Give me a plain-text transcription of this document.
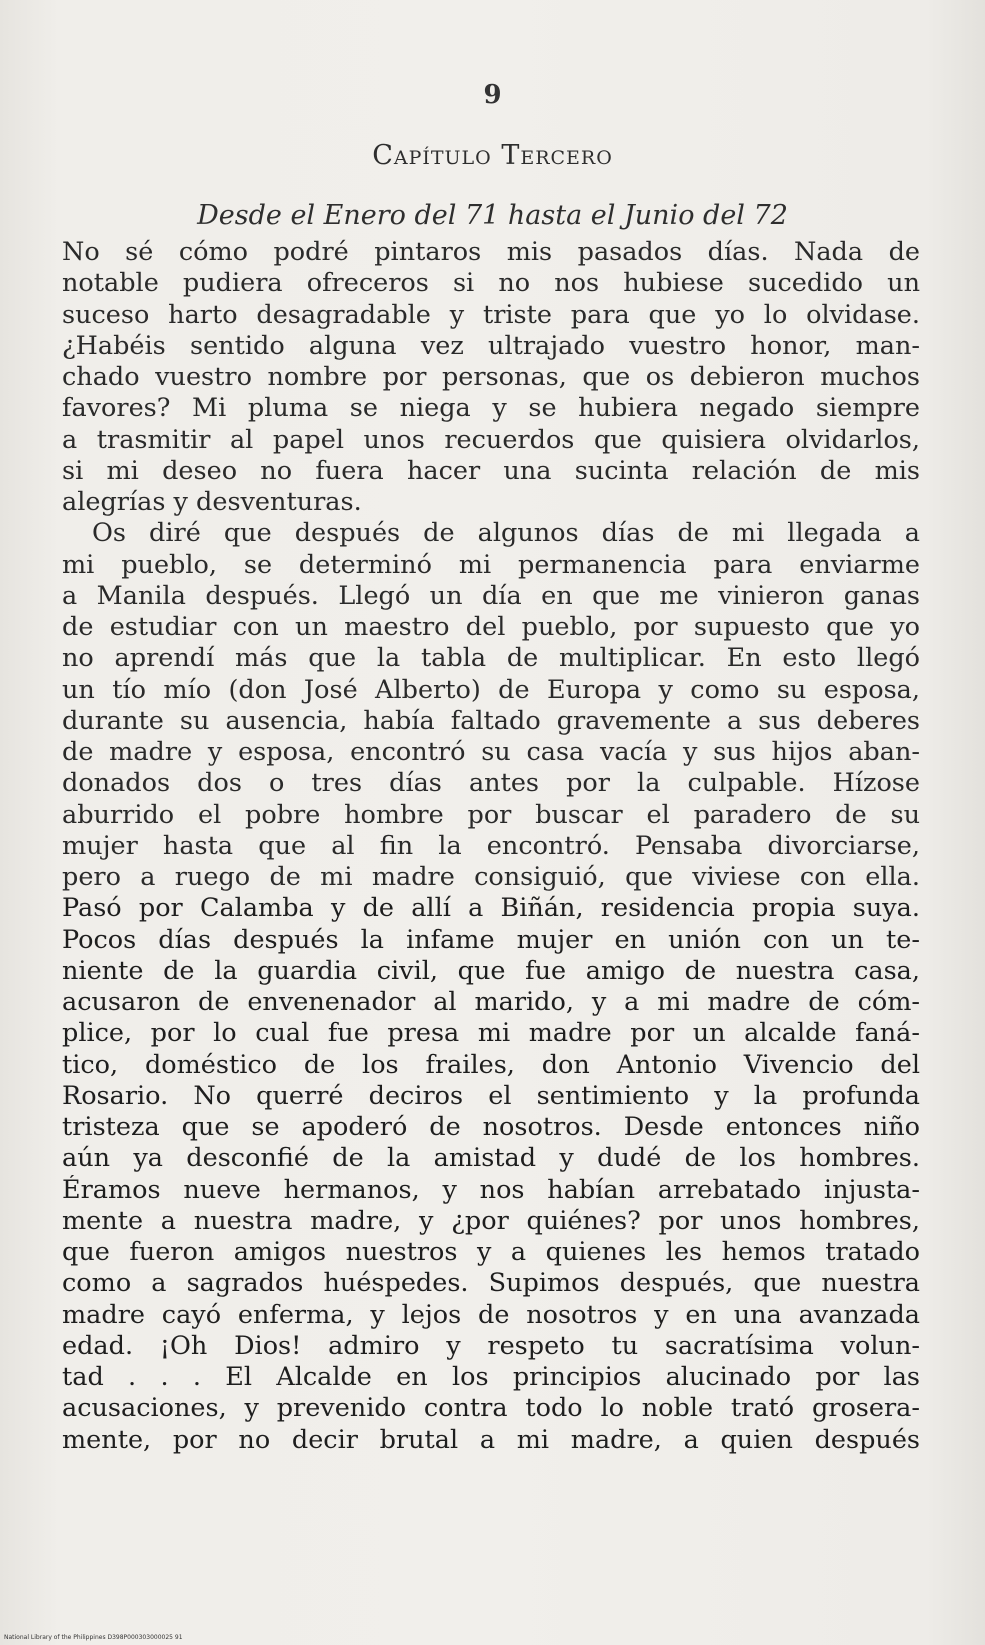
9
Capítulo Tercero
Desde el Enero del 71 hasta el Junio del 72
No sé cómo podré pintaros mis pasados días. Nada de
notable pudiera ofreceros si no nos hubiese sucedido un
suceso harto desagradable y triste para que yo lo olvidase.
¿Habéis sentido alguna vez ultrajado vuestro honor, man-
chado vuestro nombre por personas, que os debieron muchos
favores? Mi pluma se niega y se hubiera negado siempre
a trasmitir al papel unos recuerdos que quisiera olvidarlos,
si mi deseo no fuera hacer una sucinta relación de mis
alegrías y desventuras.
Os diré que después de algunos días de mi llegada a
mi pueblo, se determinó mi permanencia para enviarme
a Manila después. Llegó un día en que me vinieron ganas
de estudiar con un maestro del pueblo, por supuesto que yo
no aprendí más que la tabla de multiplicar. En esto llegó
un tío mío (don José Alberto) de Europa y como su esposa,
durante su ausencia, había faltado gravemente a sus deberes
de madre y esposa, encontró su casa vacía y sus hijos aban-
donados dos o tres días antes por la culpable. Hízose
aburrido el pobre hombre por buscar el paradero de su
mujer hasta que al fin la encontró. Pensaba divorciarse,
pero a ruego de mi madre consiguió, que viviese con ella.
Pasó por Calamba y de allí a Biñán, residencia propia suya.
Pocos días después la infame mujer en unión con un te-
niente de la guardia civil, que fue amigo de nuestra casa,
acusaron de envenenador al marido, y a mi madre de cóm-
plice, por lo cual fue presa mi madre por un alcalde faná-
tico, doméstico de los frailes, don Antonio Vivencio del
Rosario. No querré deciros el sentimiento y la profunda
tristeza que se apoderó de nosotros. Desde entonces niño
aún ya desconfié de la amistad y dudé de los hombres.
Éramos nueve hermanos, y nos habían arrebatado injusta-
mente a nuestra madre, y ¿por quiénes? por unos hombres,
que fueron amigos nuestros y a quienes les hemos tratado
como a sagrados huéspedes. Supimos después, que nuestra
madre cayó enferma, y lejos de nosotros y en una avanzada
edad. ¡Oh Dios! admiro y respeto tu sacratísima volun-
tad . . . El Alcalde en los principios alucinado por las
acusaciones, y prevenido contra todo lo noble trató grosera-
mente, por no decir brutal a mi madre, a quien después
National Library of the Philippines D398P000303000025 91
